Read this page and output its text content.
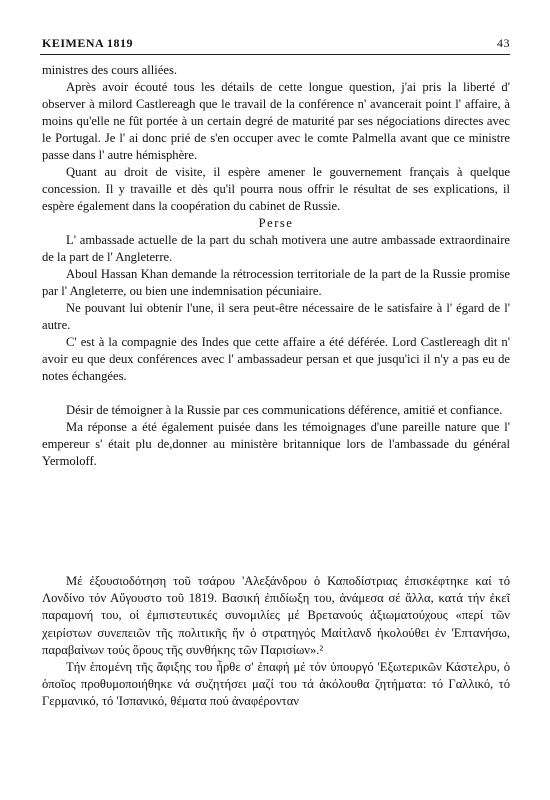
KEIMENA 1819	43

ministres des cours alliées.

Après avoir écouté tous les détails de cette longue question, j'ai pris la liberté d' observer à milord Castlereagh que le travail de la conférence n' avancerait point l' affaire, à moins qu'elle ne fût portée à un certain degré de maturité par ses négociations directes avec le Portugal. Je l' ai donc prié de s'en occuper avec le comte Palmella avant que ce ministre passe dans l' autre hémisphère.

Quant au droit de visite, il espère amener le gouvernement français à quelque concession. Il y travaille et dès qu'il pourra nous offrir le résultat de ses explications, il espère également dans la coopération du cabinet de Russie.

Perse

L' ambassade actuelle de la part du schah motivera une autre ambassade extraordinaire de la part de l' Angleterre.

Aboul Hassan Khan demande la rétrocession territoriale de la part de la Russie promise par l' Angleterre, ou bien une indemnisation pécuniaire.

Ne pouvant lui obtenir l'une, il sera peut-être nécessaire de le satisfaire à l' égard de l' autre.

C' est à la compagnie des Indes que cette affaire a été déférée. Lord Castlereagh dit n' avoir eu que deux conférences avec l' ambassadeur persan et que jusqu'ici il n'y a pas eu de notes échangées.

Désir de témoigner à la Russie par ces communications déférence, amitié et confiance.

Ma réponse a été également puisée dans les témoignages d'une pareille nature que l' empereur s' était plu de,donner au ministère britannique lors de l'ambassade du général Yermoloff.

Μέ ἐξουσιοδότηση τοῦ τσάρου 'Αλεξάνδρου ὁ Καποδίστριας ἐπισκέφτηκε καί τό Λονδίνο τόν Αὔγουστο τοῦ 1819. Βασική ἐπιδίωξη του, ἀνάμεσα σέ ἄλλα, κατά τήν ἐκεῖ παραμονή του, οἱ ἐμπιστευτικές συνομιλίες μέ Βρετανούς ἀξιωματούχους «περί τῶν χειρίστων συνεπειῶν τῆς πολιτικῆς ἥν ὁ στρατηγός Μαίτλανδ ἠκολούθει ἐν 'Επτανήσω, παραβαίνων τούς ὅρους τῆς συνθήκης τῶν Παρισίων».²

Τήν ἑπομένη τῆς ἄφιξης του ἦρθε σ' ἐπαφή μέ τόν ὑπουργό 'Εξωτερικῶν Κάστελρυ, ὁ ὁποῖος προθυμοποιήθηκε νά συζητήσει μαζί του τά ἀκόλουθα ζητήματα: τό Γαλλικό, τό Γερμανικό, τό 'Ισπανικό, θέματα πού ἀναφέρονταν
